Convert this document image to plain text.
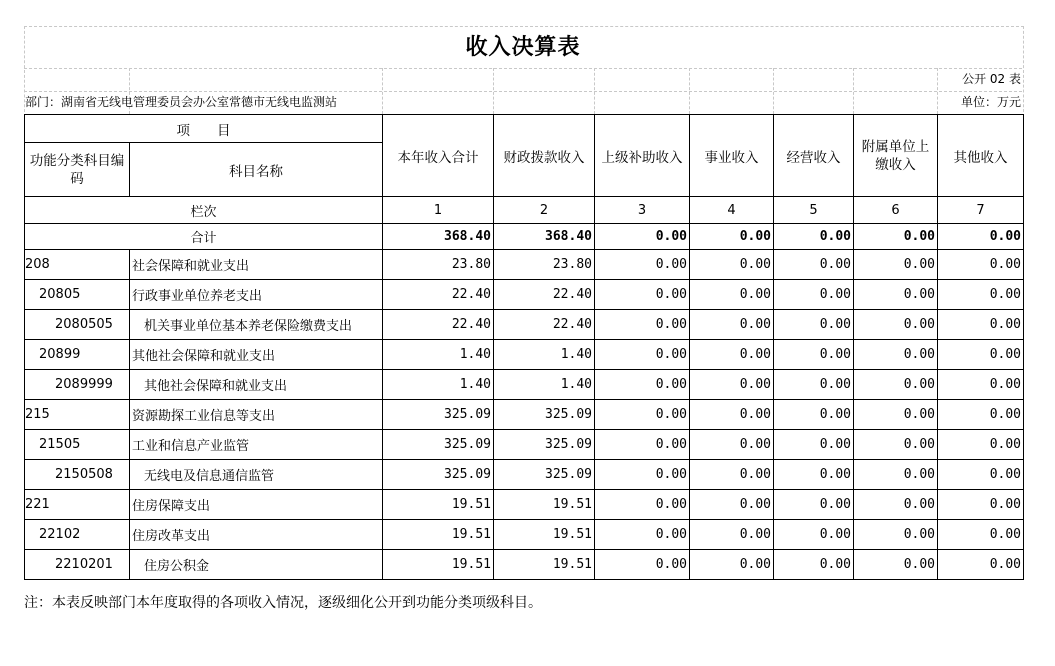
收入决算表
公开 02 表
部门：湖南省无线电管理委员会办公室常德市无线电监测站	单位：万元
项　　目		本年收入合计	财政拨款收入	上级补助收入	事业收入	经营收入	附属单位上缴收入	其他收入
功能分类科目编码	科目名称							
栏次		1	2	3	4	5	6	7
合计		368.40	368.40	0.00	0.00	0.00	0.00	0.00
208	社会保障和就业支出	23.80	23.80	0.00	0.00	0.00	0.00	0.00
20805	行政事业单位养老支出	22.40	22.40	0.00	0.00	0.00	0.00	0.00
2080505	机关事业单位基本养老保险缴费支出	22.40	22.40	0.00	0.00	0.00	0.00	0.00
20899	其他社会保障和就业支出	1.40	1.40	0.00	0.00	0.00	0.00	0.00
2089999	其他社会保障和就业支出	1.40	1.40	0.00	0.00	0.00	0.00	0.00
215	资源勘探工业信息等支出	325.09	325.09	0.00	0.00	0.00	0.00	0.00
21505	工业和信息产业监管	325.09	325.09	0.00	0.00	0.00	0.00	0.00
2150508	无线电及信息通信监管	325.09	325.09	0.00	0.00	0.00	0.00	0.00
221	住房保障支出	19.51	19.51	0.00	0.00	0.00	0.00	0.00
22102	住房改革支出	19.51	19.51	0.00	0.00	0.00	0.00	0.00
2210201	住房公积金	19.51	19.51	0.00	0.00	0.00	0.00	0.00
注：本表反映部门本年度取得的各项收入情况，逐级细化公开到功能分类项级科目。
